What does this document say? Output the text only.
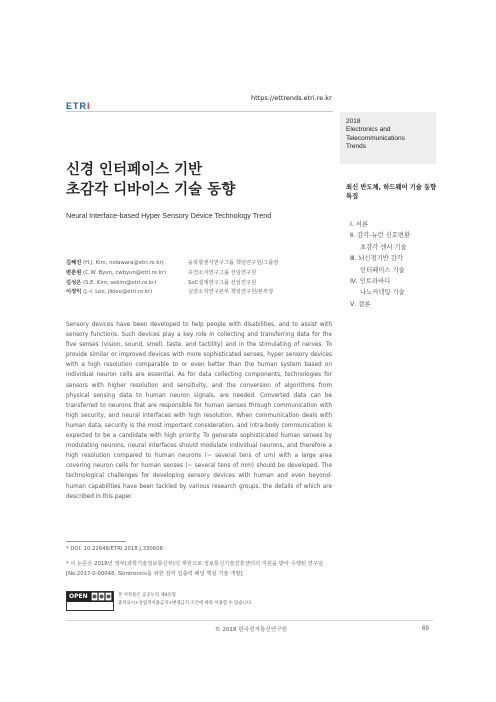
https://ettrends.etri.re.kr
ETRI
2018
Electronics and
Telecommunications
Trends
신경 인터페이스 기반
초감각 디바이스 기술 동향
Neural Interface-based Hyper Sensory Device Technology Trend
김혜진 (H.J. Kim, nolawara@etri.re.kr)
변춘원 (C.W. Byun, cwbyun@etri.re.kr)
김성은 (S.E. Kim, sekim@etri.re.kr)
이정익 (J.-I. Lee, jiklee@etri.re.kr)
융복합센서연구그룹 책임연구원/그룹장
유연소자연구그룹 선임연구원
SoC설계연구그룹 선임연구원
실감소자연구본부 책임연구원/본부장
Sensory devices have been developed to help people with disabilities, and to assist with sensory functions. Such devices play a key role in collecting and transferring data for the five senses (vision, sound, smell, taste, and tactility) and in the stimulating of nerves. To provide similar or improved devices with more sophisticated senses, hyper sensory devices with a high resolution comparable to or even better than the human system based on individual neuron cells are essential. As for data collecting components, technologies for sensors with higher resolution and sensitivity, and the conversion of algorithms from physical sensing data to human neuron signals, are needed. Converted data can be transferred to neurons that are responsible for human senses through communication with high security, and neural interfaces with high resolution. When communication deals with human data, security is the most important consideration, and intra-body communication is expected to be a candidate with high priority. To generate sophisticated human senses by modulating neurons, neural interfaces should modulate individual neurons, and therefore a high resolution compared to human neurons (~ several tens of um) with a large area covering neuron cells for human senses (~ several tens of mm) should be developed. The technological challenges for developing sensory devices with human and even beyond-human capabilities have been tackled by various research groups, the details of which are described in this paper.
최신 반도체, 하드웨어 기술 동향 특집
Ⅰ. 서론
Ⅱ. 감각-뉴런 신호변환
초감각 센서 기술
Ⅲ. 뇌신경기반 감각
인터페이스 기술
Ⅳ. 인트라바디
나노커넥팅 기술
Ⅴ. 결론
* DOI: 10.22648/ETRI.2018.J.330608
* 이 논문은 2018년 정부(과학기술정보통신부)의 재원으로 정보통신기술진흥센터의 지원을 받아 수행된 연구임[No.2017-0-00048, Skintronics를 위한 감각 입출력 패널 핵심 기술 개발].
OPEN	본 저작물은 공공누리 제4유형
출처표시+상업적이용금지+변경금지 조건에 따라 이용할 수 있습니다.
© 2018 한국전자통신연구원	69
